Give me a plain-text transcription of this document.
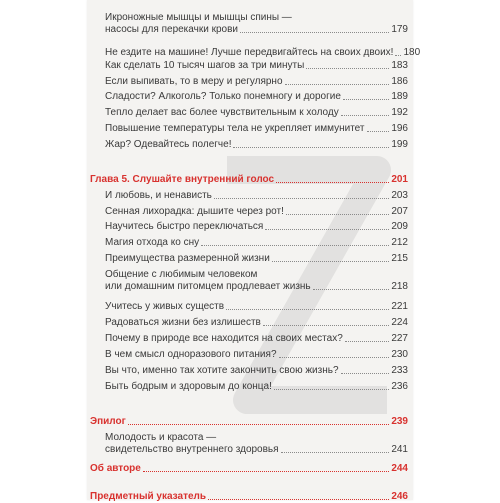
Икроножные мышцы и мышцы спины —
насосы для перекачки крови	179
Не ездите на машине! Лучше передвигайтесь на своих двоих! 180
Как сделать 10 тысяч шагов за три минуты	183
Если выпивать, то в меру и регулярно	186
Сладости? Алкоголь? Только понемногу и дорогие	189
Тепло делает вас более чувствительным к холоду	192
Повышение температуры тела не укрепляет иммунитет	196
Жар? Одевайтесь полегче!	199
Глава 5. Слушайте внутренний голос	201
И любовь, и ненависть	203
Сенная лихорадка: дышите через рот!	207
Научитесь быстро переключаться	209
Магия отхода ко сну	212
Преимущества размеренной жизни	215
Общение с любимым человеком
или домашним питомцем продлевает жизнь	218
Учитесь у живых существ	221
Радоваться жизни без излишеств	224
Почему в природе все находится на своих местах?	227
В чем смысл одноразового питания?	230
Вы что, именно так хотите закончить свою жизнь?	233
Быть бодрым и здоровым до конца!	236
Эпилог	239
Молодость и красота —
свидетельство внутреннего здоровья	241
Об авторе	244
Предметный указатель	246
